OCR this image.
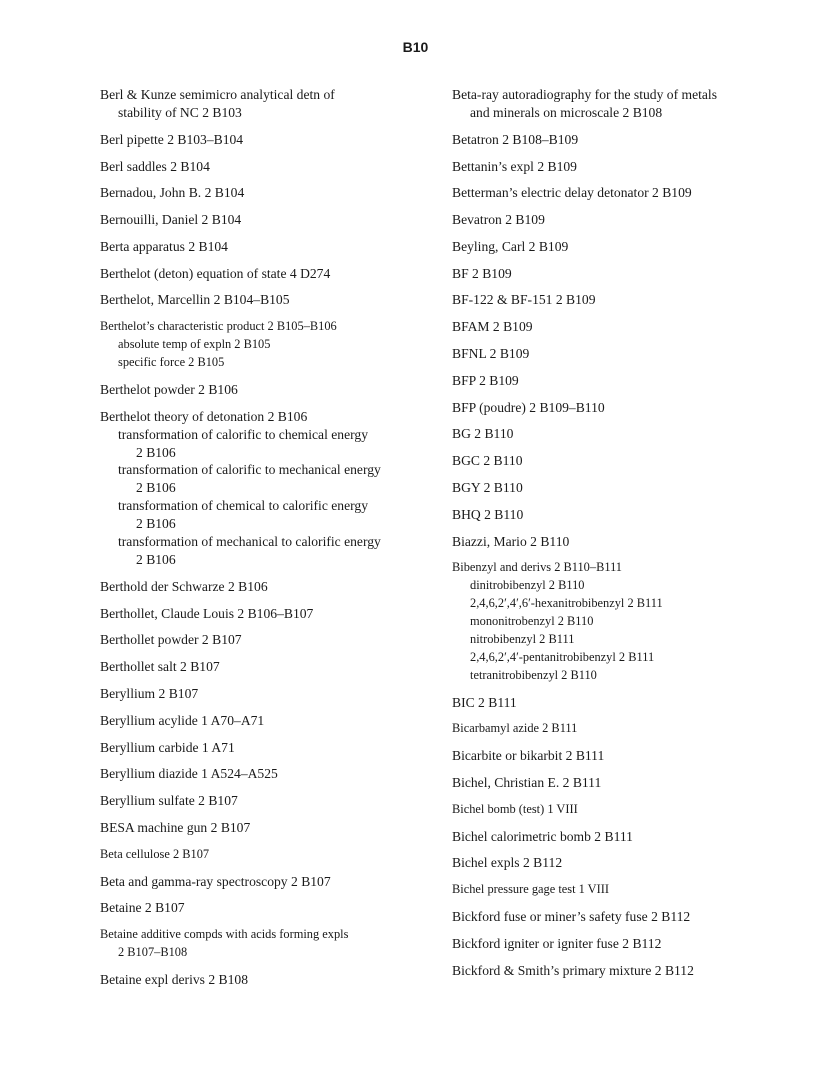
B10
Berl & Kunze semimicro analytical detn of
stability of NC 2 B103
Berl pipette 2 B103–B104
Berl saddles 2 B104
Bernadou, John B. 2 B104
Bernouilli, Daniel 2 B104
Berta apparatus 2 B104
Berthelot (deton) equation of state 4 D274
Berthelot, Marcellin 2 B104–B105
Berthelot’s characteristic product 2 B105–B106
absolute temp of expln 2 B105
specific force 2 B105
Berthelot powder 2 B106
Berthelot theory of detonation 2 B106
transformation of calorific to chemical energy
2 B106
transformation of calorific to mechanical energy
2 B106
transformation of chemical to calorific energy
2 B106
transformation of mechanical to calorific energy
2 B106
Berthold der Schwarze 2 B106
Berthollet, Claude Louis 2 B106–B107
Berthollet powder 2 B107
Berthollet salt 2 B107
Beryllium 2 B107
Beryllium acylide 1 A70–A71
Beryllium carbide 1 A71
Beryllium diazide 1 A524–A525
Beryllium sulfate 2 B107
BESA machine gun 2 B107
Beta cellulose 2 B107
Beta and gamma-ray spectroscopy 2 B107
Betaine 2 B107
Betaine additive compds with acids forming expls
2 B107–B108
Betaine expl derivs 2 B108
Beta-ray autoradiography for the study of metals
and minerals on microscale 2 B108
Betatron 2 B108–B109
Bettanin’s expl 2 B109
Betterman’s electric delay detonator 2 B109
Bevatron 2 B109
Beyling, Carl 2 B109
BF 2 B109
BF-122 & BF-151 2 B109
BFAM 2 B109
BFNL 2 B109
BFP 2 B109
BFP (poudre) 2 B109–B110
BG 2 B110
BGC 2 B110
BGY 2 B110
BHQ 2 B110
Biazzi, Mario 2 B110
Bibenzyl and derivs 2 B110–B111
dinitrobibenzyl 2 B110
2,4,6,2′,4′,6′-hexanitrobibenzyl 2 B111
mononitrobenzyl 2 B110
nitrobibenzyl 2 B111
2,4,6,2′,4′-pentanitrobibenzyl 2 B111
tetranitrobibenzyl 2 B110
BIC 2 B111
Bicarbamyl azide 2 B111
Bicarbite or bikarbit 2 B111
Bichel, Christian E. 2 B111
Bichel bomb (test) 1 VIII
Bichel calorimetric bomb 2 B111
Bichel expls 2 B112
Bichel pressure gage test 1 VIII
Bickford fuse or miner’s safety fuse 2 B112
Bickford igniter or igniter fuse 2 B112
Bickford & Smith’s primary mixture 2 B112
